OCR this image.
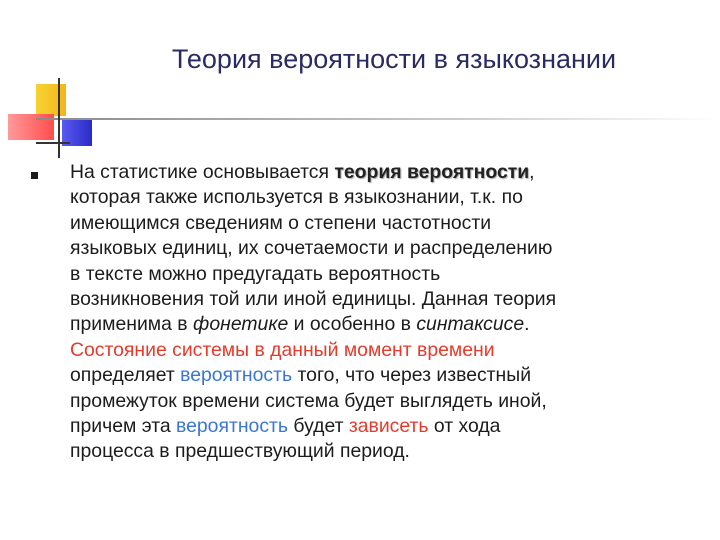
Теория вероятности в языкознании
На статистике основывается теория вероятности,
которая также используется в языкознании, т.к. по
имеющимся сведениям о степени частотности
языковых единиц, их сочетаемости и распределению
в тексте можно предугадать вероятность
возникновения той или иной единицы. Данная теория
применима в фонетике и особенно в синтаксисе.
Состояние системы в данный момент времени
определяет вероятность того, что через известный
промежуток времени система будет выглядеть иной,
причем эта вероятность будет зависеть от хода
процесса в предшествующий период.
